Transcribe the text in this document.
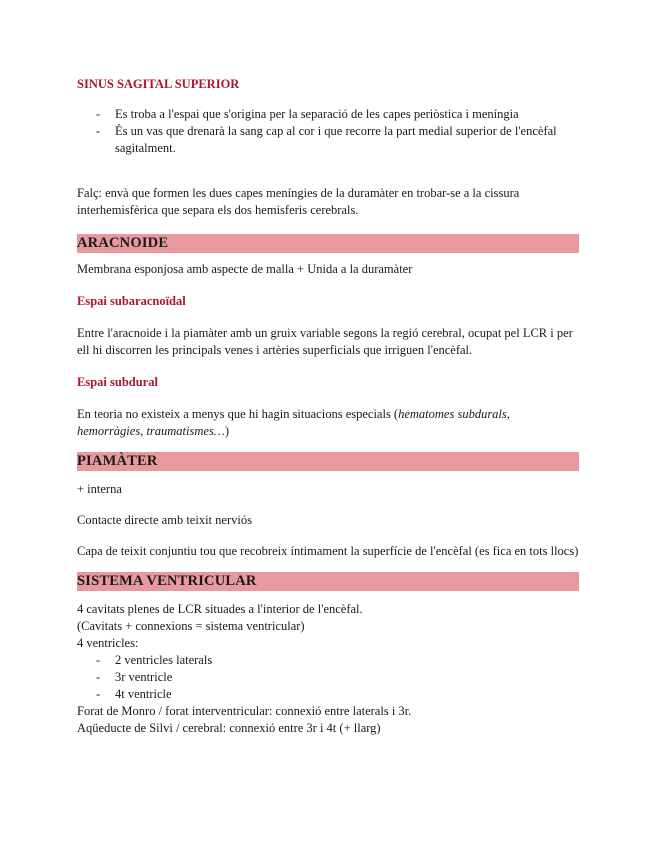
SINUS SAGITAL SUPERIOR
- Es troba a l'espai que s'origina per la separació de les capes periòstica i meníngia
- És un vas que drenarà la sang cap al cor i que recorre la part medial superior de l'encèfal sagitalment.

Falç: envà que formen les dues capes meníngies de la duramàter en trobar-se a la cissura interhemisfèrica que separa els dos hemisferis cerebrals.

ARACNOIDE

Membrana esponjosa amb aspecte de malla + Unida a la duramàter

Espai subaracnoïdal

Entre l'aracnoide i la piamàter amb un gruix variable segons la regió cerebral, ocupat pel LCR i per ell hi discorren les principals venes i artèries superficials que irriguen l'encèfal.

Espai subdural

En teoria no existeix a menys que hi hagin situacions especials (hematomes subdurals, hemorràgies, traumatismes…)

PIAMÀTER

+ interna

Contacte directe amb teixit nerviós

Capa de teixit conjuntiu tou que recobreix íntimament la superfície de l'encèfal (es fica en tots llocs)

SISTEMA VENTRICULAR

4 cavitats plenes de LCR situades a l'interior de l'encèfal.

(Cavitats + connexions = sistema ventricular)

4 ventricles:

- 2 ventricles laterals
- 3r ventricle
- 4t ventricle

Forat de Monro / forat interventricular: connexió entre laterals i 3r.

Aqüeducte de Silvi / cerebral: connexió entre 3r i 4t (+ llarg)
